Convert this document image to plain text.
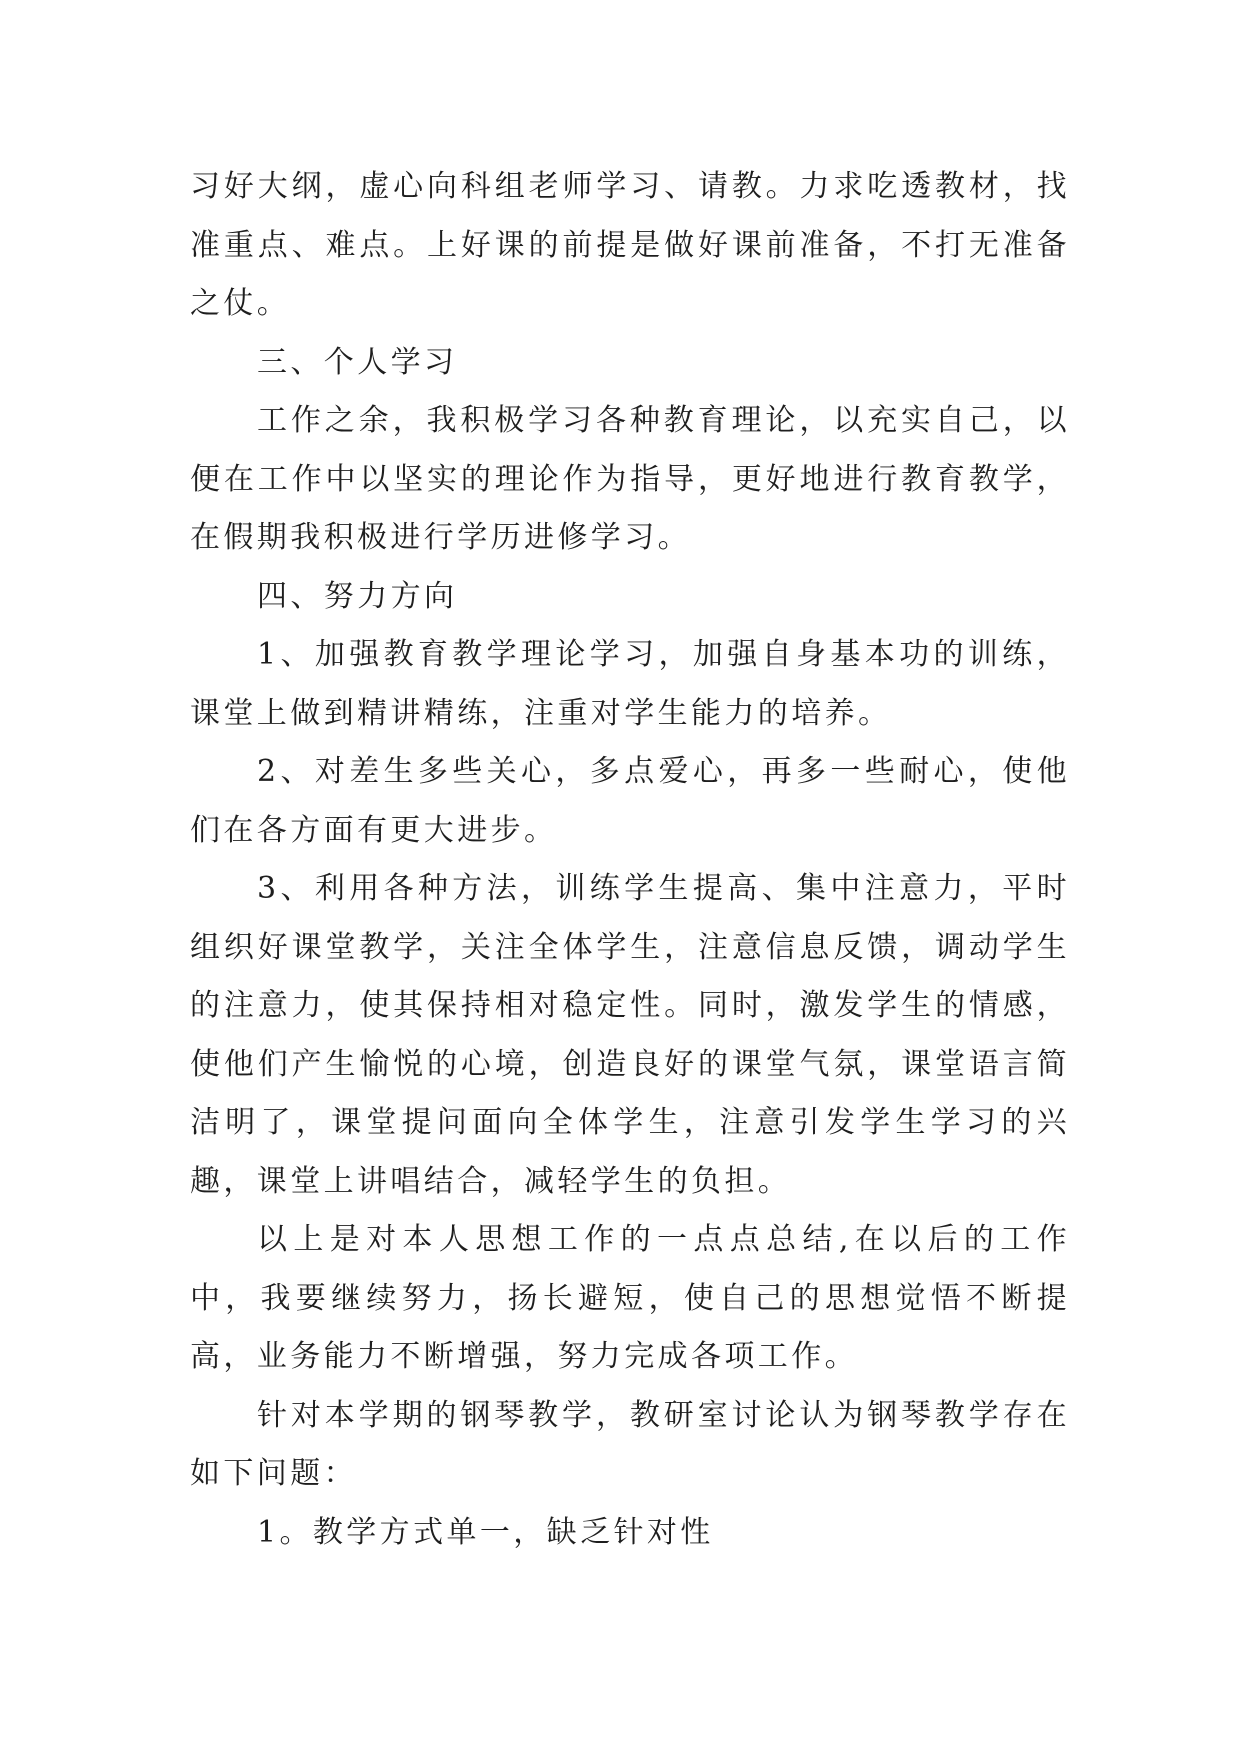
习好大纲，虚心向科组老师学习、请教。力求吃透教材，找准重点、难点。上好课的前提是做好课前准备，不打无准备之仗。

三、个人学习

工作之余，我积极学习各种教育理论，以充实自己，以便在工作中以坚实的理论作为指导，更好地进行教育教学，在假期我积极进行学历进修学习。

四、努力方向

1、加强教育教学理论学习，加强自身基本功的训练，课堂上做到精讲精练，注重对学生能力的培养。

2、对差生多些关心，多点爱心，再多一些耐心，使他们在各方面有更大进步。

3、利用各种方法，训练学生提高、集中注意力，平时组织好课堂教学，关注全体学生，注意信息反馈，调动学生的注意力，使其保持相对稳定性。同时，激发学生的情感，使他们产生愉悦的心境，创造良好的课堂气氛，课堂语言简洁明了，课堂提问面向全体学生，注意引发学生学习的兴趣，课堂上讲唱结合，减轻学生的负担。

以上是对本人思想工作的一点点总结,在以后的工作中，我要继续努力，扬长避短，使自己的思想觉悟不断提高，业务能力不断增强，努力完成各项工作。

针对本学期的钢琴教学，教研室讨论认为钢琴教学存在如下问题：

1。教学方式单一，缺乏针对性
